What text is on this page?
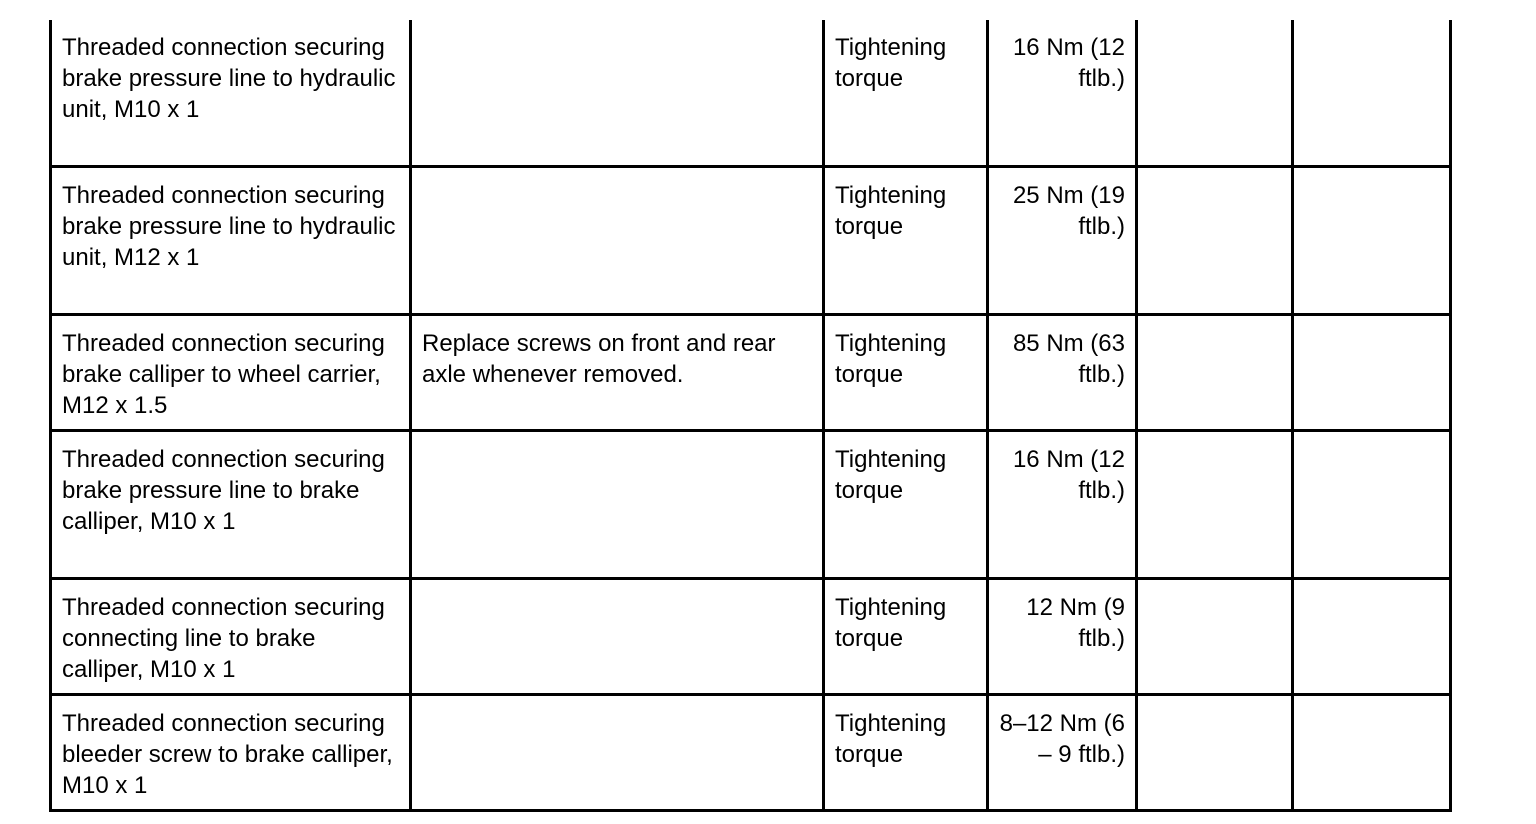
Threaded connection securing brake pressure line to hydraulic unit, M10 x 1		Tightening torque	16 Nm (12 ftlb.)		
Threaded connection securing brake pressure line to hydraulic unit, M12 x 1		Tightening torque	25 Nm (19 ftlb.)		
Threaded connection securing brake calliper to wheel carrier, M12 x 1.5	Replace screws on front and rear axle whenever removed.	Tightening torque	85 Nm (63 ftlb.)		
Threaded connection securing brake pressure line to brake calliper, M10 x 1		Tightening torque	16 Nm (12 ftlb.)		
Threaded connection securing connecting line to brake calliper, M10 x 1		Tightening torque	12 Nm (9 ftlb.)		
Threaded connection securing bleeder screw to brake calliper, M10 x 1		Tightening torque	8–12 Nm (6 – 9 ftlb.)		
